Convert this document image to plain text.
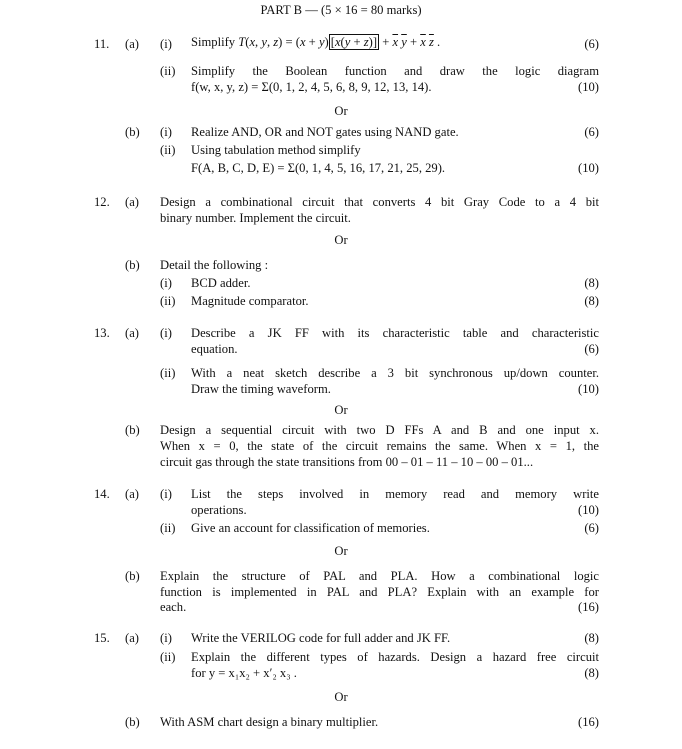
PART B — (5 × 16 = 80 marks)
11. (a) (i) Simplify T(x, y, z) = (x + y) $[x(y + z)] + \overline{x}$ $\overline{y} + \overline{x}$ $\overline{z}$ .	(6)
(ii) Simplify the Boolean function and draw the logic diagram
f(w, x, y, z) = Σ(0, 1, 2, 4, 5, 6, 8, 9, 12, 13, 14).	(10)
Or
(b) (i) Realize AND, OR and NOT gates using NAND gate.	(6)
(ii) Using tabulation method simplify
F(A, B, C, D, E) = Σ(0, 1, 4, 5, 16, 17, 21, 25, 29).	(10)
12. (a) Design a combinational circuit that converts 4 bit Gray Code to a 4 bit
binary number. Implement the circuit.
Or
(b) Detail the following :
(i) BCD adder.	(8)
(ii) Magnitude comparator.	(8)
13. (a) (i) Describe a JK FF with its characteristic table and characteristic
equation.	(6)
(ii) With a neat sketch describe a 3 bit synchronous up/down counter.
Draw the timing waveform.	(10)
Or
(b) Design a sequential circuit with two D FFs A and B and one input x.
When x = 0, the state of the circuit remains the same. When x = 1, the
circuit gas through the state transitions from 00 – 01 – 11 – 10 – 00 – 01...
14. (a) (i) List the steps involved in memory read and memory write
operations.	(10)
(ii) Give an account for classification of memories.	(6)
Or
(b) Explain the structure of PAL and PLA. How a combinational logic
function is implemented in PAL and PLA? Explain with an example for
each.	(16)
15. (a) (i) Write the VERILOG code for full adder and JK FF.	(8)
(ii) Explain the different types of hazards. Design a hazard free circuit
for y = x₁x₂ + x′₂ x₃ .	(8)
Or
(b) With ASM chart design a binary multiplier.	(16)
